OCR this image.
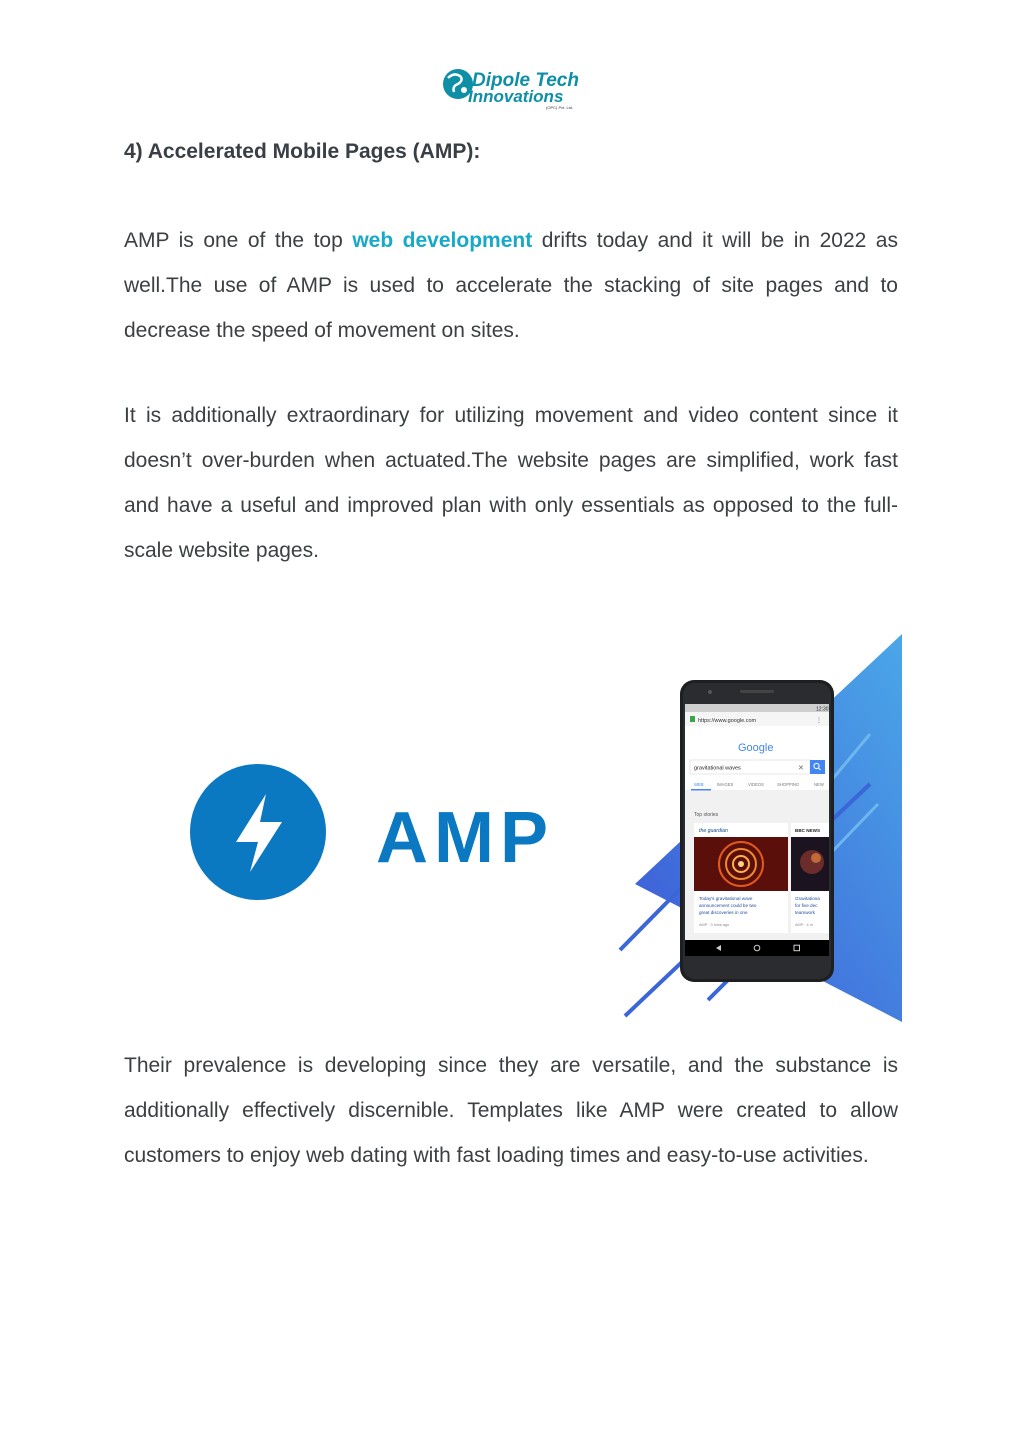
Dipole Tech
Innovations
(OPC) Pvt. Ltd.
4) Accelerated Mobile Pages (AMP):

AMP is one of the top web development drifts today and it will be in 2022 as well.The use of AMP is used to accelerate the stacking of site pages and to decrease the speed of movement on sites.

It is additionally extraordinary for utilizing movement and video content since it doesn’t over-burden when actuated.The website pages are simplified, work fast and have a useful and improved plan with only essentials as opposed to the full-scale website pages.

AMP
12:30
https://www.google.com	⋮
Google
gravitational waves	✕
WEB	IMAGES	VIDEOS	SHOPPING	NEW
Top stories
the guardian
Today's gravitational wave
announcement could be two
great discoveries in one
AMP · 3 mins ago
BBC NEWS
Gravitationa
for five dec
teamwork
AMP · 4 m

Their prevalence is developing since they are versatile, and the substance is additionally effectively discernible. Templates like AMP were created to allow customers to enjoy web dating with fast loading times and easy-to-use activities.
